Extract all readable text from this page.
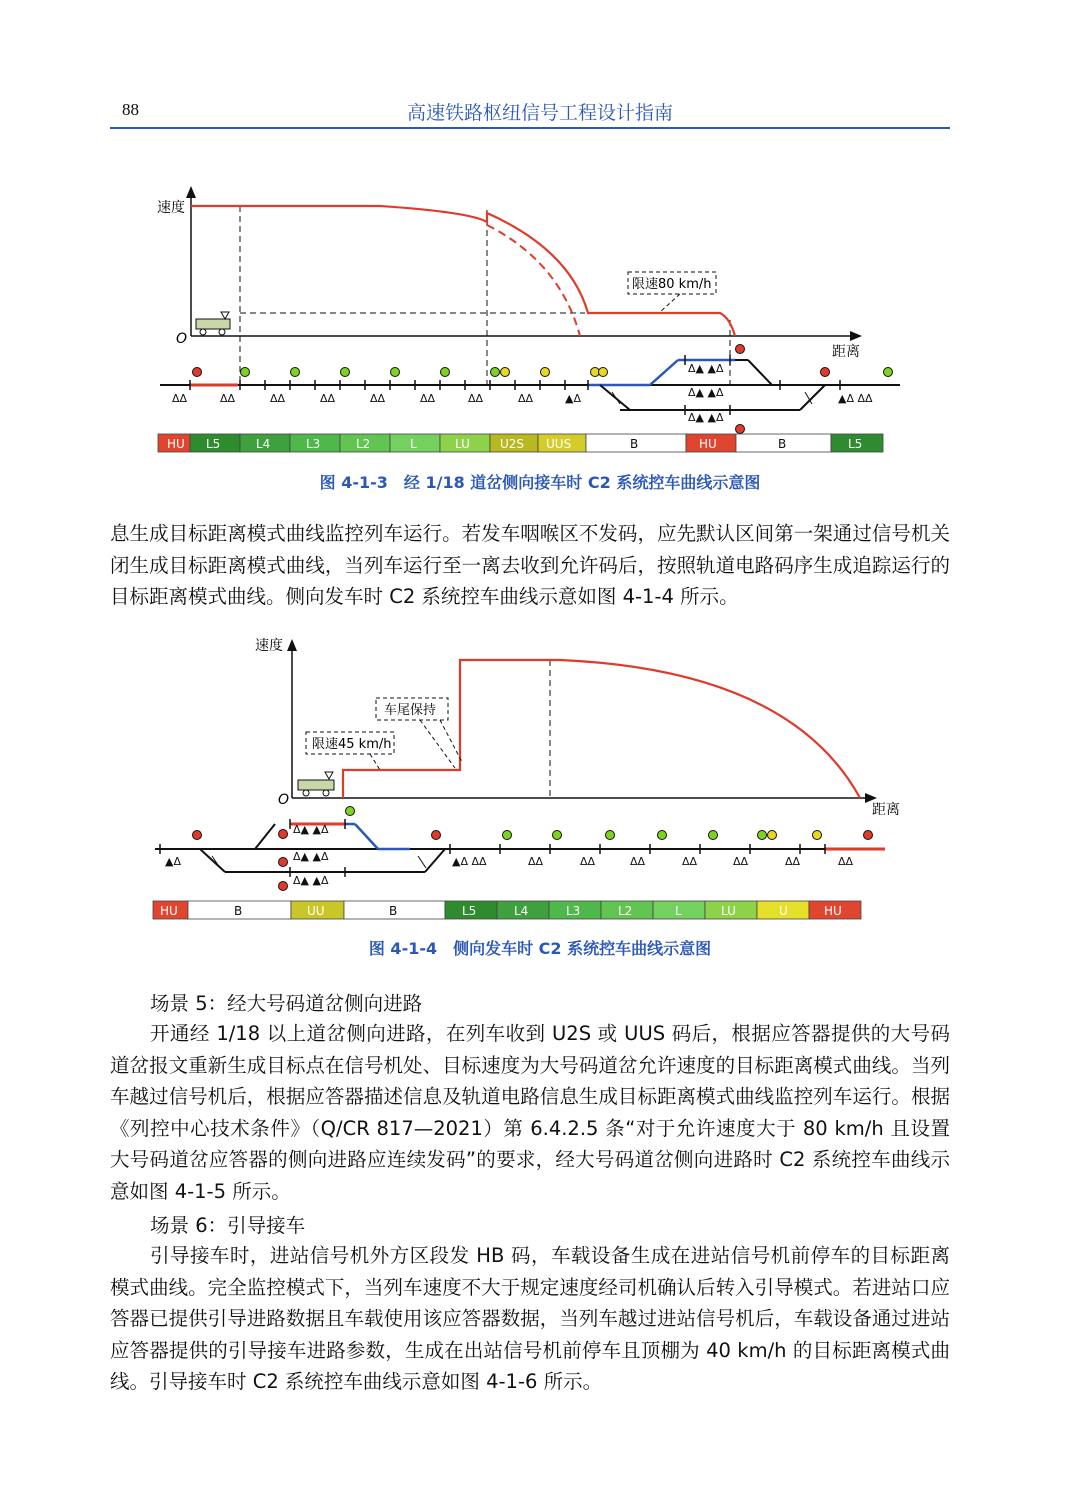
88	高速铁路枢纽信号工程设计指南
速度
距离
O
限速80 km/h
ΔΔ	ΔΔ	ΔΔ	ΔΔ	ΔΔ	ΔΔ	ΔΔ	ΔΔ	▲Δ
Δ▲ ▲Δ
Δ▲ ▲Δ
Δ▲ ▲Δ
▲Δ ΔΔ
HU L5	L4	L3	L2	L	LU	U2S UUS	B	HU	B	L5
图 4-1-3　经 1/18 道岔侧向接车时 C2 系统控车曲线示意图
息生成目标距离模式曲线监控列车运行。若发车咽喉区不发码，应先默认区间第一架通过信号机关闭生成目标距离模式曲线，当列车运行至一离去收到允许码后，按照轨道电路码序生成追踪运行的目标距离模式曲线。侧向发车时 C2 系统控车曲线示意如图 4-1-4 所示。
速度
距离
O
车尾保持
限速45 km/h
▲Δ
Δ▲ ▲Δ
Δ▲ ▲Δ
Δ▲ ▲Δ
▲Δ ΔΔ	ΔΔ	ΔΔ	ΔΔ	ΔΔ	ΔΔ	ΔΔ	ΔΔ
HU	B	UU	B	L5	L4	L3	L2	L	LU	U	HU
图 4-1-4　侧向发车时 C2 系统控车曲线示意图
场景 5：经大号码道岔侧向进路
开通经 1/18 以上道岔侧向进路，在列车收到 U2S 或 UUS 码后，根据应答器提供的大号码道岔报文重新生成目标点在信号机处、目标速度为大号码道岔允许速度的目标距离模式曲线。当列车越过信号机后，根据应答器描述信息及轨道电路信息生成目标距离模式曲线监控列车运行。根据《列控中心技术条件》（Q/CR 817—2021）第 6.4.2.5 条“对于允许速度大于 80 km/h 且设置大号码道岔应答器的侧向进路应连续发码”的要求，经大号码道岔侧向进路时 C2 系统控车曲线示意如图 4-1-5 所示。
场景 6：引导接车
引导接车时，进站信号机外方区段发 HB 码，车载设备生成在进站信号机前停车的目标距离模式曲线。完全监控模式下，当列车速度不大于规定速度经司机确认后转入引导模式。若进站口应答器已提供引导进路数据且车载使用该应答器数据，当列车越过进站信号机后，车载设备通过进站应答器提供的引导接车进路参数，生成在出站信号机前停车且顶棚为 40 km/h 的目标距离模式曲线。引导接车时 C2 系统控车曲线示意如图 4-1-6 所示。
